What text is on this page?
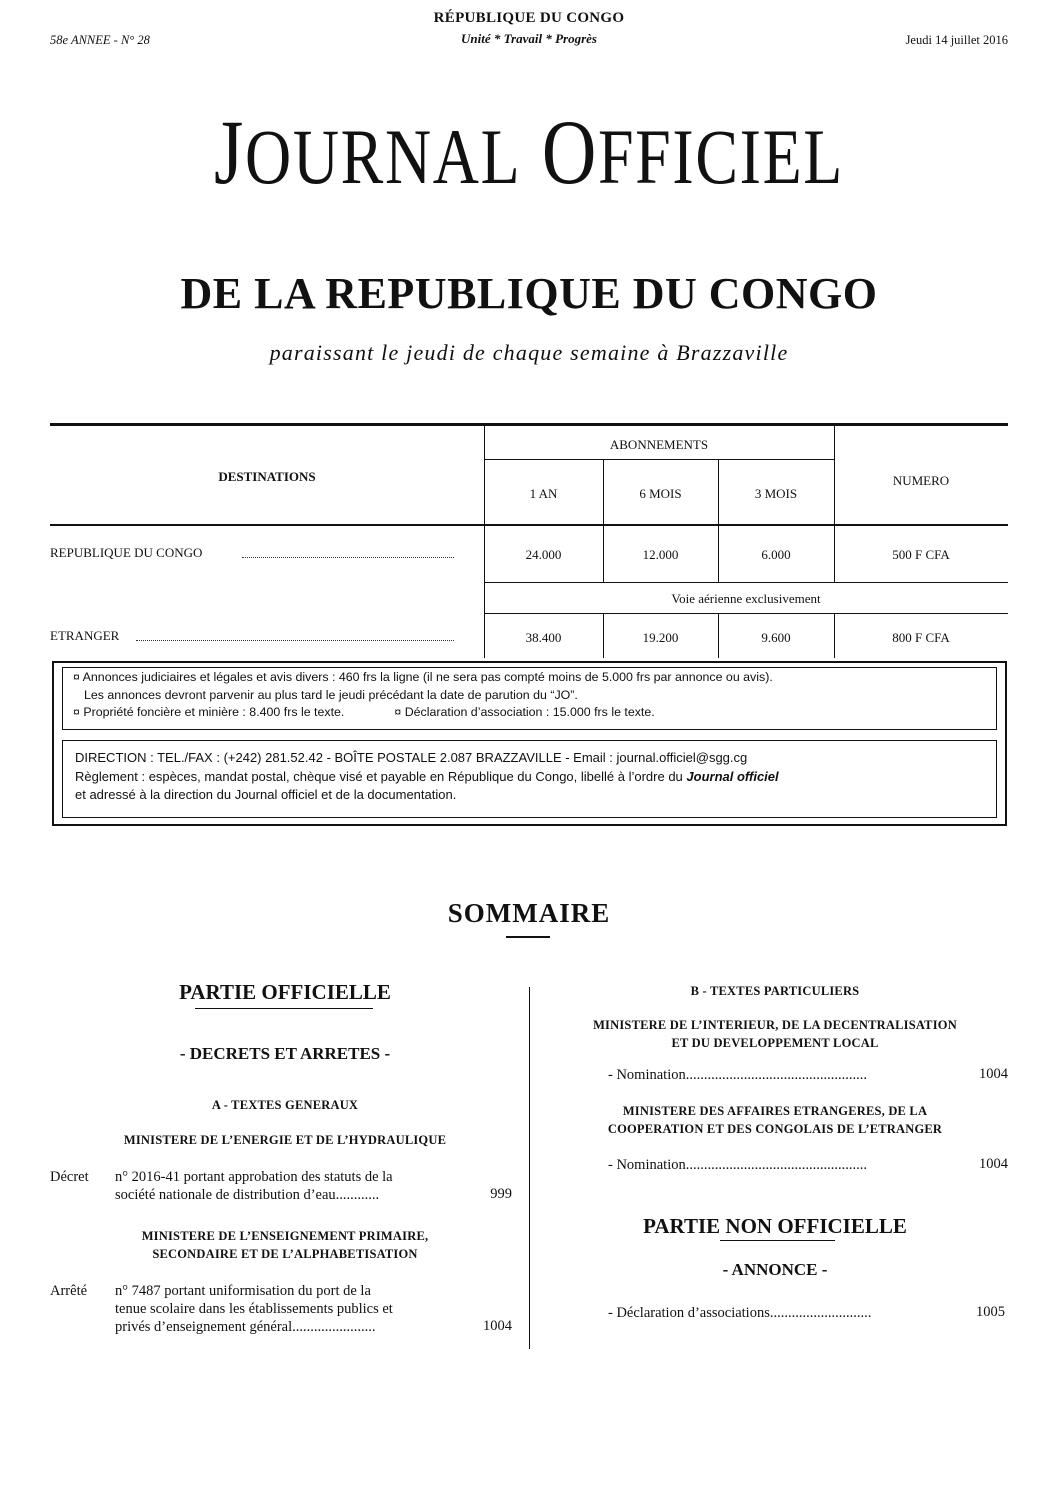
RÉPUBLIQUE DU CONGO
Unité * Travail * Progrès
58e ANNEE - N° 28	Jeudi 14 juillet 2016
JOURNAL OFFICIEL
DE LA REPUBLIQUE DU CONGO
paraissant le jeudi de chaque semaine à Brazzaville
DESTINATIONS
ABONNEMENTS
NUMERO
1 AN	6 MOIS	3 MOIS
REPUBLIQUE DU CONGO	24.000	12.000	6.000	500 F CFA
Voie aérienne exclusivement
ETRANGER	38.400	19.200	9.600	800 F CFA
¤ Annonces judiciaires et légales et avis divers : 460 frs la ligne (il ne sera pas compté moins de 5.000 frs par annonce ou avis).
Les annonces devront parvenir au plus tard le jeudi précédant la date de parution du “JO”.
¤ Propriété foncière et minière : 8.400 frs le texte.	¤ Déclaration d’association : 15.000 frs le texte.
DIRECTION : TEL./FAX : (+242) 281.52.42 - BOÎTE POSTALE 2.087 BRAZZAVILLE - Email : journal.officiel@sgg.cg
Règlement : espèces, mandat postal, chèque visé et payable en République du Congo, libellé à l’ordre du Journal officiel
et adressé à la direction du Journal officiel et de la documentation.
SOMMAIRE
PARTIE OFFICIELLE
- DECRETS ET ARRETES -
A - TEXTES GENERAUX
MINISTERE DE L’ENERGIE ET DE L’HYDRAULIQUE
Décret n° 2016-41 portant approbation des statuts de la
société nationale de distribution d’eau............	999
MINISTERE DE L’ENSEIGNEMENT PRIMAIRE,
SECONDAIRE ET DE L’ALPHABETISATION
Arrêté n° 7487 portant uniformisation du port de la
tenue scolaire dans les établissements publics et
privés d’enseignement général.......................	1004
B - TEXTES PARTICULIERS
MINISTERE DE L’INTERIEUR, DE LA DECENTRALISATION
ET DU DEVELOPPEMENT LOCAL
- Nomination..................................................	1004
MINISTERE DES AFFAIRES ETRANGERES, DE LA
COOPERATION ET DES CONGOLAIS DE L’ETRANGER
- Nomination..................................................	1004
PARTIE NON OFFICIELLE
- ANNONCE -
- Déclaration d’associations............................	1005
